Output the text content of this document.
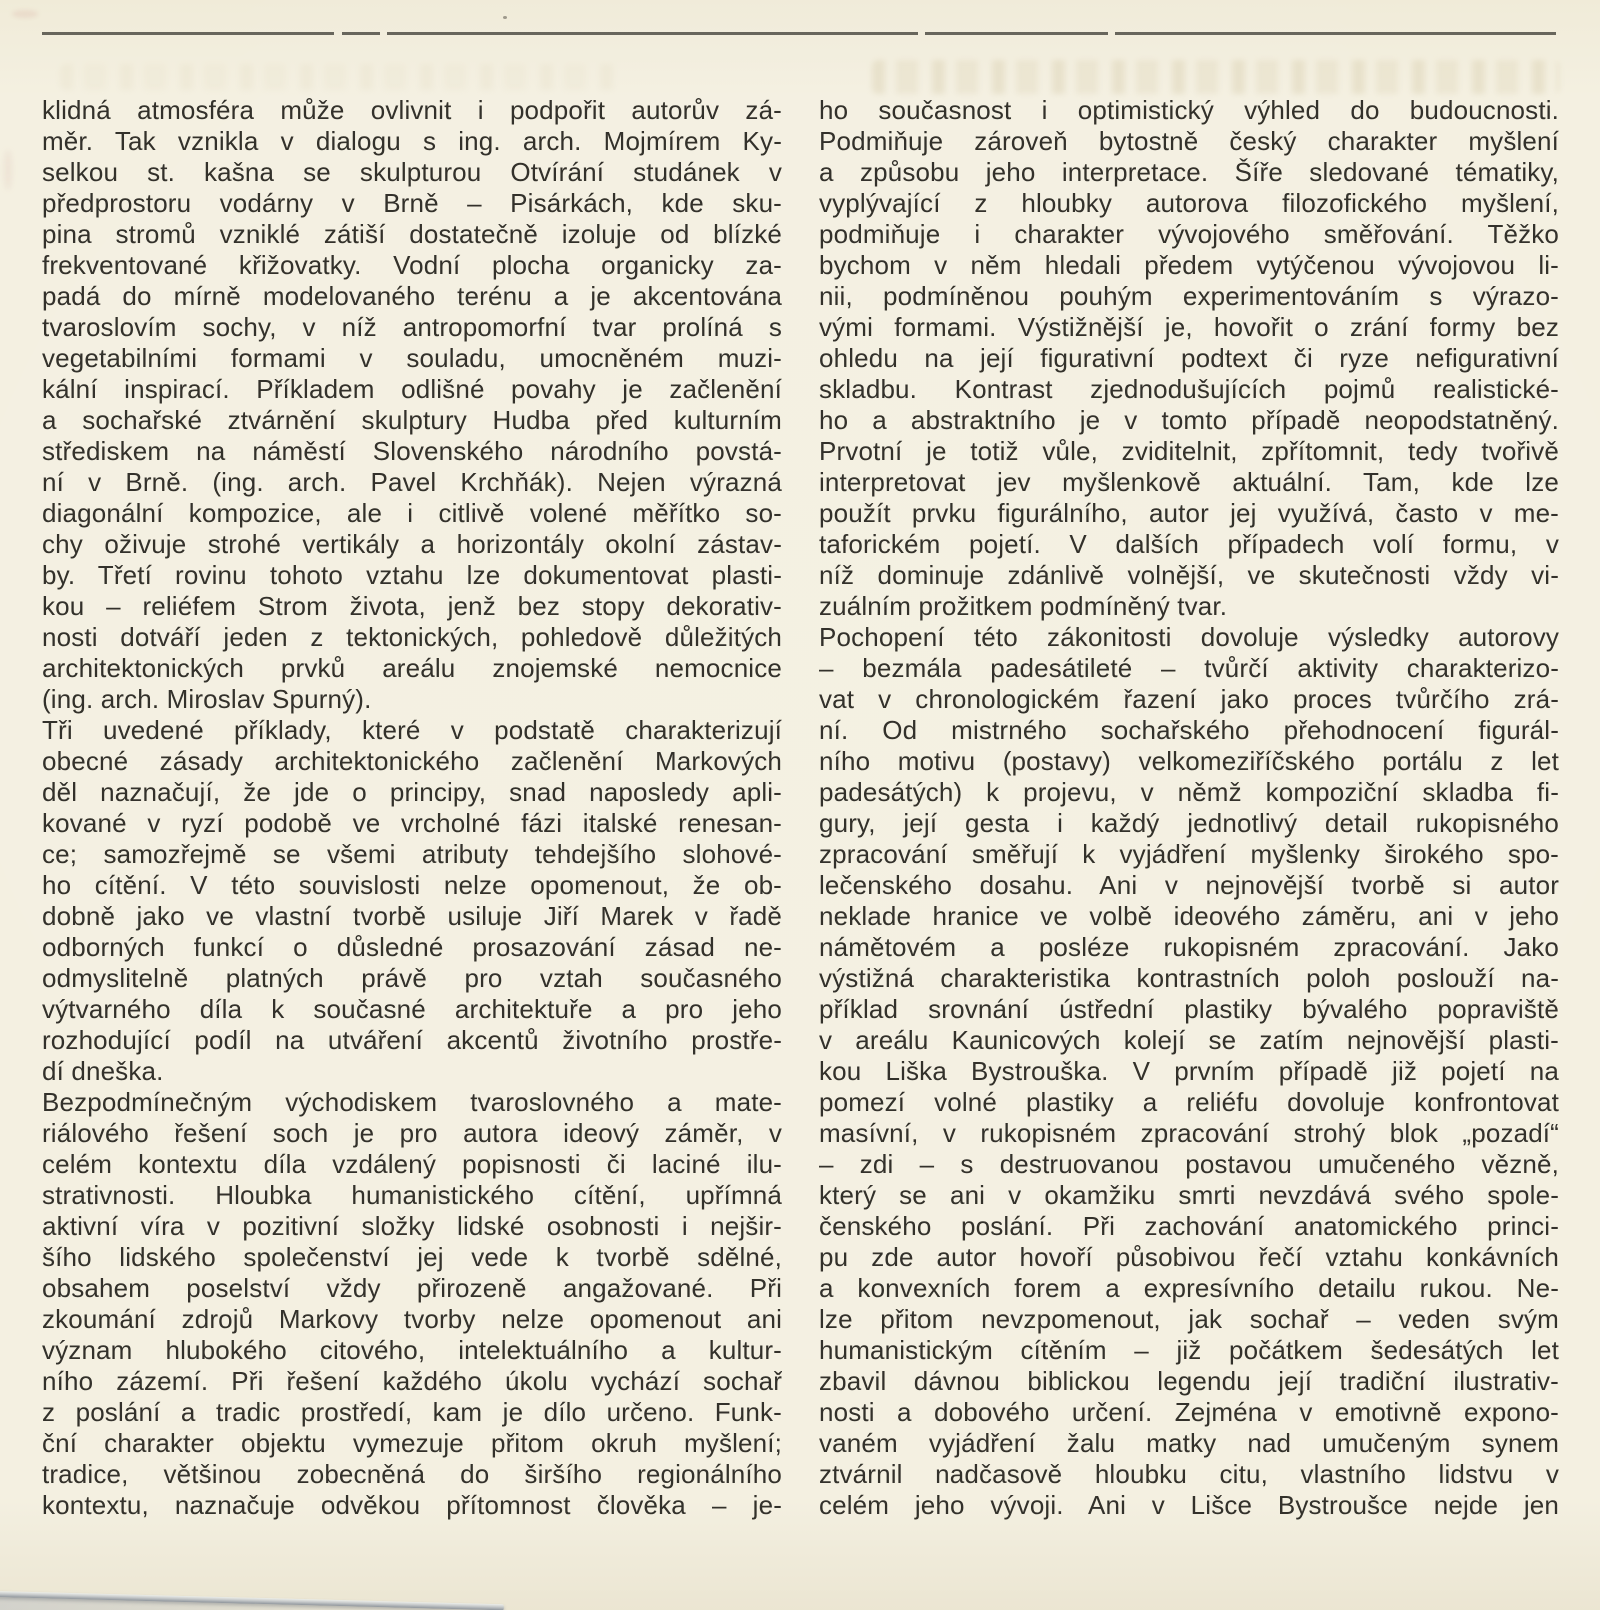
klidná atmosféra může ovlivnit i podpořit autorův zá-
měr. Tak vznikla v dialogu s ing. arch. Mojmírem Ky-
selkou st. kašna se skulpturou Otvírání studánek v
předprostoru vodárny v Brně – Pisárkách, kde sku-
pina stromů vzniklé zátiší dostatečně izoluje od blízké
frekventované křižovatky. Vodní plocha organicky za-
padá do mírně modelovaného terénu a je akcentována
tvaroslovím sochy, v níž antropomorfní tvar prolíná s
vegetabilními formami v souladu, umocněném muzi-
kální inspirací. Příkladem odlišné povahy je začlenění
a sochařské ztvárnění skulptury Hudba před kulturním
střediskem na náměstí Slovenského národního povstá-
ní v Brně. (ing. arch. Pavel Krchňák). Nejen výrazná
diagonální kompozice, ale i citlivě volené měřítko so-
chy oživuje strohé vertikály a horizontály okolní zástav-
by. Třetí rovinu tohoto vztahu lze dokumentovat plasti-
kou – reliéfem Strom života, jenž bez stopy dekorativ-
nosti dotváří jeden z tektonických, pohledově důležitých
architektonických prvků areálu znojemské nemocnice
(ing. arch. Miroslav Spurný).
Tři uvedené příklady, které v podstatě charakterizují
obecné zásady architektonického začlenění Markových
děl naznačují, že jde o principy, snad naposledy apli-
kované v ryzí podobě ve vrcholné fázi italské renesan-
ce; samozřejmě se všemi atributy tehdejšího slohové-
ho cítění. V této souvislosti nelze opomenout, že ob-
dobně jako ve vlastní tvorbě usiluje Jiří Marek v řadě
odborných funkcí o důsledné prosazování zásad ne-
odmyslitelně platných právě pro vztah současného
výtvarného díla k současné architektuře a pro jeho
rozhodující podíl na utváření akcentů životního prostře-
dí dneška.
Bezpodmínečným východiskem tvaroslovného a mate-
riálového řešení soch je pro autora ideový záměr, v
celém kontextu díla vzdálený popisnosti či laciné ilu-
strativnosti. Hloubka humanistického cítění, upřímná
aktivní víra v pozitivní složky lidské osobnosti i nejšir-
šího lidského společenství jej vede k tvorbě sdělné,
obsahem poselství vždy přirozeně angažované. Při
zkoumání zdrojů Markovy tvorby nelze opomenout ani
význam hlubokého citového, intelektuálního a kultur-
ního zázemí. Při řešení každého úkolu vychází sochař
z poslání a tradic prostředí, kam je dílo určeno. Funk-
ční charakter objektu vymezuje přitom okruh myšlení;
tradice, většinou zobecněná do širšího regionálního
kontextu, naznačuje odvěkou přítomnost člověka – je-
ho současnost i optimistický výhled do budoucnosti.
Podmiňuje zároveň bytostně český charakter myšlení
a způsobu jeho interpretace. Šíře sledované tématiky,
vyplývající z hloubky autorova filozofického myšlení,
podmiňuje i charakter vývojového směřování. Těžko
bychom v něm hledali předem vytýčenou vývojovou li-
nii, podmíněnou pouhým experimentováním s výrazo-
vými formami. Výstižnější je, hovořit o zrání formy bez
ohledu na její figurativní podtext či ryze nefigurativní
skladbu. Kontrast zjednodušujících pojmů realistické-
ho a abstraktního je v tomto případě neopodstatněný.
Prvotní je totiž vůle, zviditelnit, zpřítomnit, tedy tvořivě
interpretovat jev myšlenkově aktuální. Tam, kde lze
použít prvku figurálního, autor jej využívá, často v me-
taforickém pojetí. V dalších případech volí formu, v
níž dominuje zdánlivě volnější, ve skutečnosti vždy vi-
zuálním prožitkem podmíněný tvar.
Pochopení této zákonitosti dovoluje výsledky autorovy
– bezmála padesátileté – tvůrčí aktivity charakterizo-
vat v chronologickém řazení jako proces tvůrčího zrá-
ní. Od mistrného sochařského přehodnocení figurál-
ního motivu (postavy) velkomeziříčského portálu z let
padesátých) k projevu, v němž kompoziční skladba fi-
gury, její gesta i každý jednotlivý detail rukopisného
zpracování směřují k vyjádření myšlenky širokého spo-
lečenského dosahu. Ani v nejnovější tvorbě si autor
neklade hranice ve volbě ideového záměru, ani v jeho
námětovém a posléze rukopisném zpracování. Jako
výstižná charakteristika kontrastních poloh poslouží na-
příklad srovnání ústřední plastiky bývalého popraviště
v areálu Kaunicových kolejí se zatím nejnovější plasti-
kou Liška Bystrouška. V prvním případě již pojetí na
pomezí volné plastiky a reliéfu dovoluje konfrontovat
masívní, v rukopisném zpracování strohý blok „pozadí“
– zdi – s destruovanou postavou umučeného vězně,
který se ani v okamžiku smrti nevzdává svého spole-
čenského poslání. Při zachování anatomického princi-
pu zde autor hovoří působivou řečí vztahu konkávních
a konvexních forem a expresívního detailu rukou. Ne-
lze přitom nevzpomenout, jak sochař – veden svým
humanistickým cítěním – již počátkem šedesátých let
zbavil dávnou biblickou legendu její tradiční ilustrativ-
nosti a dobového určení. Zejména v emotivně expono-
vaném vyjádření žalu matky nad umučeným synem
ztvárnil nadčasově hloubku citu, vlastního lidstvu v
celém jeho vývoji. Ani v Lišce Bystroušce nejde jen
